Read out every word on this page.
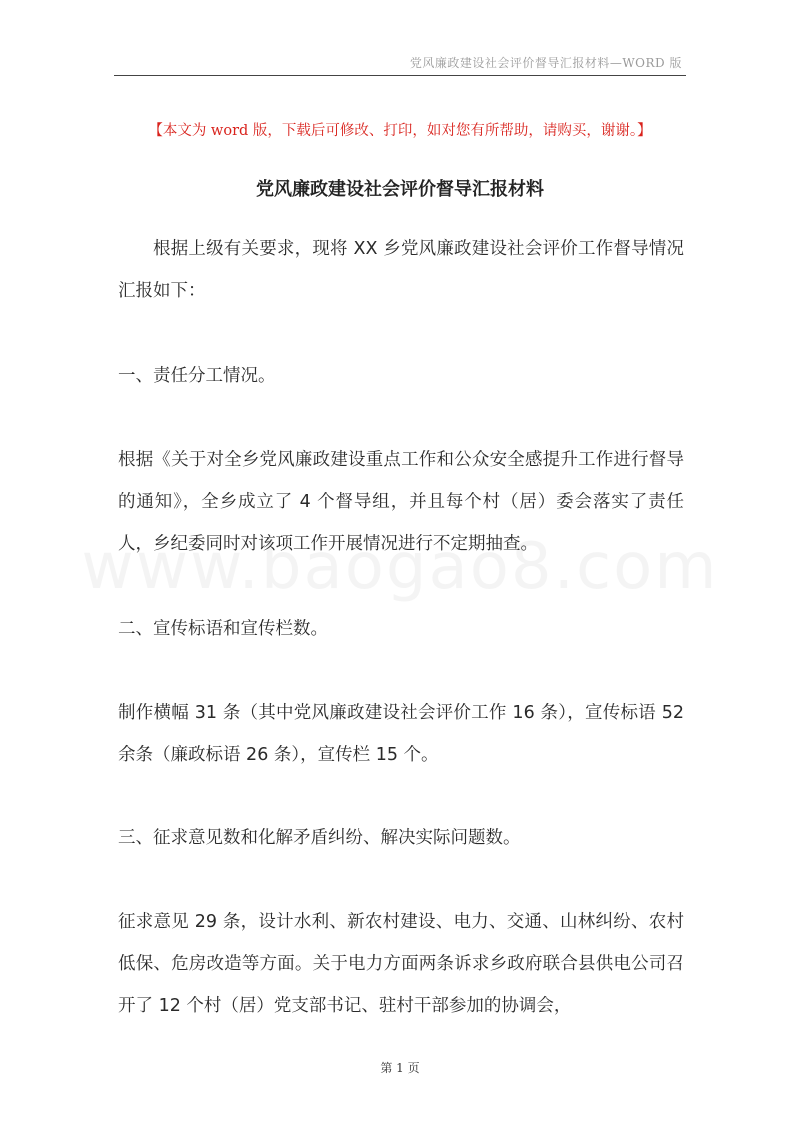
党风廉政建设社会评价督导汇报材料—WORD 版
【本文为 word 版，下载后可修改、打印，如对您有所帮助，请购买，谢谢。】
党风廉政建设社会评价督导汇报材料

根据上级有关要求，现将 XX 乡党风廉政建设社会评价工作督导情况汇报如下：

一、责任分工情况。

根据《关于对全乡党风廉政建设重点工作和公众安全感提升工作进行督导的通知》，全乡成立了 4 个督导组，并且每个村（居）委会落实了责任人，乡纪委同时对该项工作开展情况进行不定期抽查。

二、宣传标语和宣传栏数。

制作横幅 31 条（其中党风廉政建设社会评价工作 16 条），宣传标语 52 余条（廉政标语 26 条），宣传栏 15 个。

三、征求意见数和化解矛盾纠纷、解决实际问题数。

征求意见 29 条，设计水利、新农村建设、电力、交通、山林纠纷、农村低保、危房改造等方面。关于电力方面两条诉求乡政府联合县供电公司召开了 12 个村（居）党支部书记、驻村干部参加的协调会，

第 1 页
